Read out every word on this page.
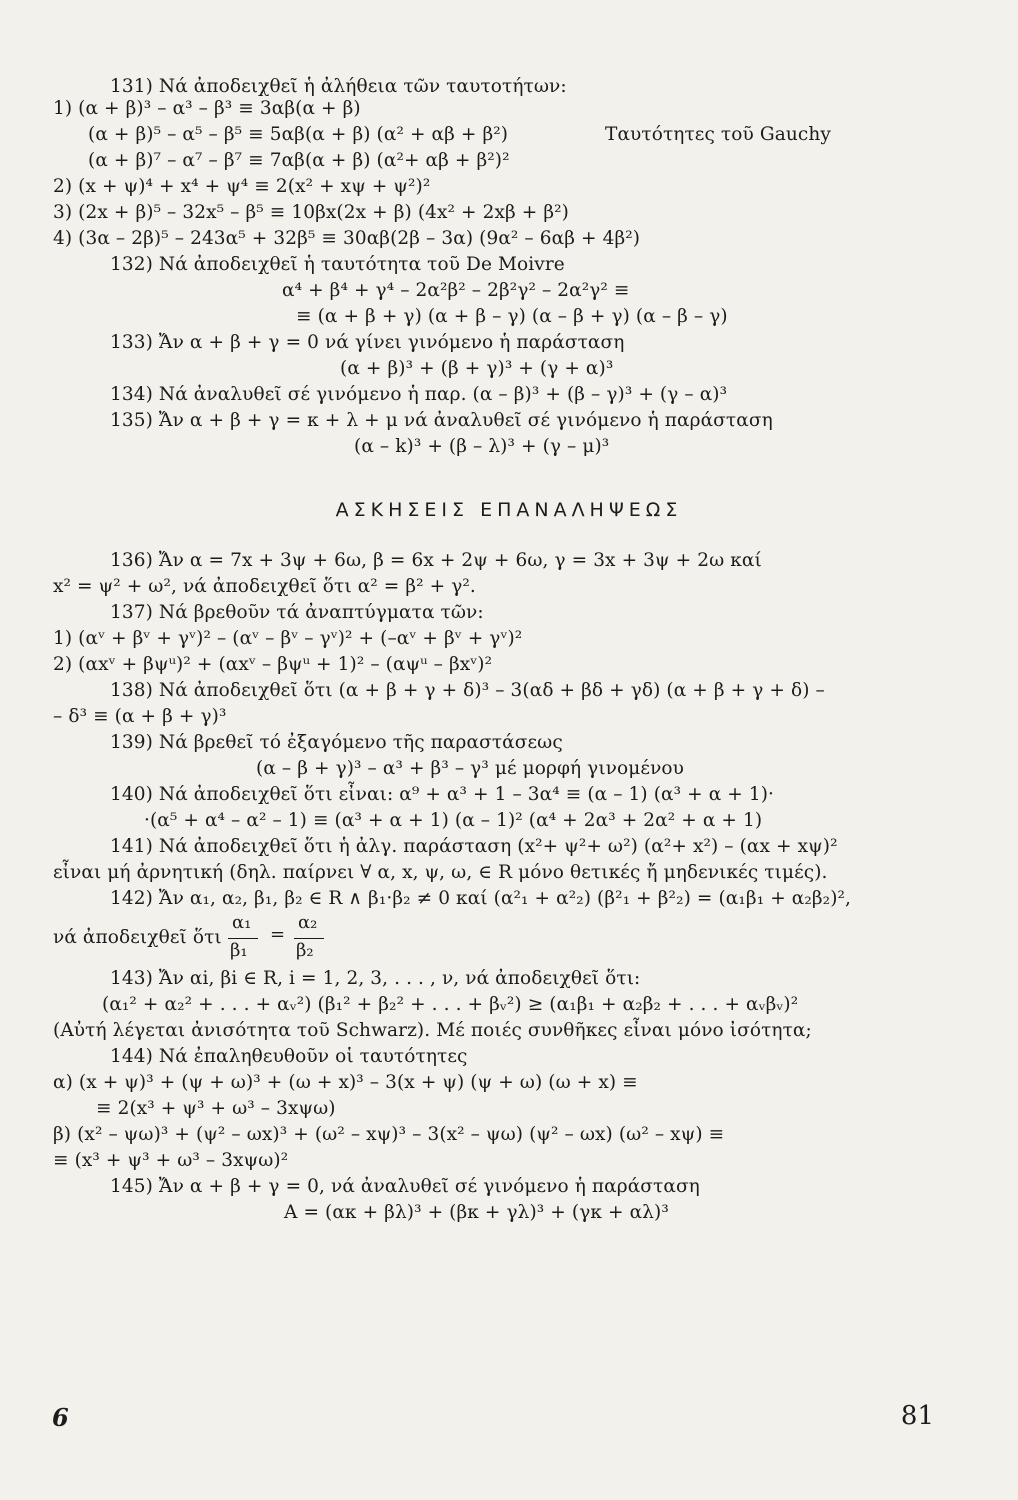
131) Νά ἀποδειχθεῖ ἡ ἀλήθεια τῶν ταυτοτήτων:
1) (α + β)³ – α³ – β³ ≡ 3αβ(α + β)
(α + β)⁵ – α⁵ – β⁵ ≡ 5αβ(α + β) (α² + αβ + β²)	Ταυτότητες τοῦ Gauchy
(α + β)⁷ – α⁷ – β⁷ ≡ 7αβ(α + β) (α²+ αβ + β²)²
2) (x + ψ)⁴ + x⁴ + ψ⁴ ≡ 2(x² + xψ + ψ²)²
3) (2x + β)⁵ – 32x⁵ – β⁵ ≡ 10βx(2x + β) (4x² + 2xβ + β²)
4) (3α – 2β)⁵ – 243α⁵ + 32β⁵ ≡ 30αβ(2β – 3α) (9α² – 6αβ + 4β²)
132) Νά ἀποδειχθεῖ ἡ ταυτότητα τοῦ De Moivre
α⁴ + β⁴ + γ⁴ – 2α²β² – 2β²γ² – 2α²γ² ≡
≡ (α + β + γ) (α + β – γ) (α – β + γ) (α – β – γ)
133) Ἄν α + β + γ = 0 νά γίνει γινόμενο ἡ παράσταση
(α + β)³ + (β + γ)³ + (γ + α)³
134) Νά ἀναλυθεῖ σέ γινόμενο ἡ παρ. (α – β)³ + (β – γ)³ + (γ – α)³
135) Ἄν α + β + γ = κ + λ + μ νά ἀναλυθεῖ σέ γινόμενο ἡ παράσταση
(α – k)³ + (β – λ)³ + (γ – μ)³
ΑΣΚΗΣΕΙΣ ΕΠΑΝΑΛΗΨΕΩΣ
136) Ἄν α = 7x + 3ψ + 6ω, β = 6x + 2ψ + 6ω, γ = 3x + 3ψ + 2ω καί
x² = ψ² + ω², νά ἀποδειχθεῖ ὅτι α² = β² + γ².
137) Νά βρεθοῦν τά ἀναπτύγματα τῶν:
1) (αᵛ + βᵛ + γᵛ)² – (αᵛ – βᵛ – γᵛ)² + (–αᵛ + βᵛ + γᵛ)²
2) (αxᵛ + βψᵘ)² + (αxᵛ – βψᵘ + 1)² – (αψᵘ – βxᵛ)²
138) Νά ἀποδειχθεῖ ὅτι (α + β + γ + δ)³ – 3(αδ + βδ + γδ) (α + β + γ + δ) –
– δ³ ≡ (α + β + γ)³
139) Νά βρεθεῖ τό ἐξαγόμενο τῆς παραστάσεως
(α – β + γ)³ – α³ + β³ – γ³ μέ μορφή γινομένου
140) Νά ἀποδειχθεῖ ὅτι εἶναι: α⁹ + α³ + 1 – 3α⁴ ≡ (α – 1) (α³ + α + 1)·
·(α⁵ + α⁴ – α² – 1) ≡ (α³ + α + 1) (α – 1)² (α⁴ + 2α³ + 2α² + α + 1)
141) Νά ἀποδειχθεῖ ὅτι ἡ ἀλγ. παράσταση (x²+ ψ²+ ω²) (α²+ x²) – (αx + xψ)²
εἶναι μή ἀρνητική (δηλ. παίρνει ∀ α, x, ψ, ω, ∈ R μόνο θετικές ἤ μηδενικές τιμές).
142) Ἄν α₁, α₂, β₁, β₂ ∈ R ∧ β₁·β₂ ≠ 0 καί (α²₁ + α²₂) (β²₁ + β²₂) = (α₁β₁ + α₂β₂)²,
νά ἀποδειχθεῖ ὅτι
α₁
β₁
=
α₂
β₂
143) Ἄν αi, βi ∈ R, i = 1, 2, 3, . . . , ν, νά ἀποδειχθεῖ ὅτι:
(α₁² + α₂² + . . . + αᵥ²) (β₁² + β₂² + . . . + βᵥ²) ≥ (α₁β₁ + α₂β₂ + . . . + αᵥβᵥ)²
(Αὐτή λέγεται ἀνισότητα τοῦ Schwarz). Μέ ποιές συνθῆκες εἶναι μόνο ἰσότητα;
144) Νά ἐπαληθευθοῦν οἱ ταυτότητες
α) (x + ψ)³ + (ψ + ω)³ + (ω + x)³ – 3(x + ψ) (ψ + ω) (ω + x) ≡
≡ 2(x³ + ψ³ + ω³ – 3xψω)
β) (x² – ψω)³ + (ψ² – ωx)³ + (ω² – xψ)³ – 3(x² – ψω) (ψ² – ωx) (ω² – xψ) ≡
≡ (x³ + ψ³ + ω³ – 3xψω)²
145) Ἄν α + β + γ = 0, νά ἀναλυθεῖ σέ γινόμενο ἡ παράσταση
A = (ακ + βλ)³ + (βκ + γλ)³ + (γκ + αλ)³
6	81
